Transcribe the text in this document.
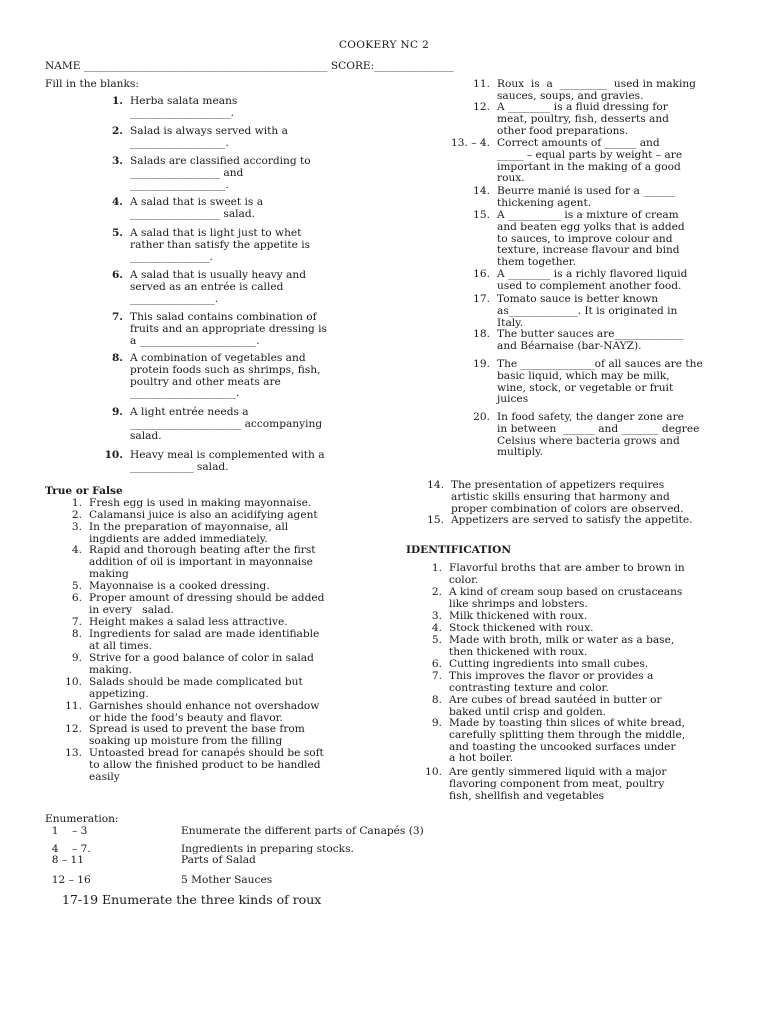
COOKERY NC 2
NAME ______________________________________________ SCORE:_______________
Fill in the blanks:
1. Herba salata means
___________________.
2. Salad is always served with a
__________________.
3. Salads are classified according to
_________________ and
__________________.
4. A salad that is sweet is a
_________________ salad.
5. A salad that is light just to whet
rather than satisfy the appetite is
_______________.
6. A salad that is usually heavy and
served as an entrée is called
________________.
7. This salad contains combination of
fruits and an appropriate dressing is
a ______________________.
8. A combination of vegetables and
protein foods such as shrimps, fish,
poultry and other meats are
____________________.
9. A light entrée needs a
_____________________ accompanying
salad.
10. Heavy meal is complemented with a
____________ salad.
11. Roux  is  a  _________  used in making
sauces, soups, and gravies.
12. A ________ is a fluid dressing for
meat, poultry, fish, desserts and
other food preparations.
13. – 4. Correct amounts of ______ and
_____ – equal parts by weight – are
important in the making of a good
roux.
14. Beurre manié is used for a ______
thickening agent.
15. A __________ is a mixture of cream
and beaten egg yolks that is added
to sauces, to improve colour and
texture, increase flavour and bind
them together.
16. A ________ is a richly flavored liquid
used to complement another food.
17. Tomato sauce is better known
as_____________. It is originated in
Italy.
18. The butter sauces are_____________
and Béarnaise (bar-NAYZ).
19. The ______________of all sauces are the
basic liquid, which may be milk,
wine, stock, or vegetable or fruit
juices
20. In food safety, the danger zone are
in between  ______ and _______ degree
Celsius where bacteria grows and
multiply.
True or False
1. Fresh egg is used in making mayonnaise.
2. Calamansi juice is also an acidifying agent
3. In the preparation of mayonnaise, all
ingdients are added immediately.
4. Rapid and thorough beating after the first
addition of oil is important in mayonnaise
making
5. Mayonnaise is a cooked dressing.
6. Proper amount of dressing should be added
in every   salad.
7. Height makes a salad less attractive.
8. Ingredients for salad are made identifiable
at all times.
9. Strive for a good balance of color in salad
making.
10. Salads should be made complicated but
appetizing.
11. Garnishes should enhance not overshadow
or hide the food’s beauty and flavor.
12. Spread is used to prevent the base from
soaking up moisture from the filling
13. Untoasted bread for canapés should be soft
to allow the finished product to be handled
easily
14. The presentation of appetizers requires
artistic skills ensuring that harmony and
proper combination of colors are observed.
15. Appetizers are served to satisfy the appetite.
IDENTIFICATION
1. Flavorful broths that are amber to brown in
color.
2. A kind of cream soup based on crustaceans
like shrimps and lobsters.
3. Milk thickened with roux.
4. Stock thickened with roux.
5. Made with broth, milk or water as a base,
then thickened with roux.
6. Cutting ingredients into small cubes.
7. This improves the flavor or provides a
contrasting texture and color.
8. Are cubes of bread sautéed in butter or
baked until crisp and golden.
9. Made by toasting thin slices of white bread,
carefully splitting them through the middle,
and toasting the uncooked surfaces under
a hot boiler.
10. Are gently simmered liquid with a major
flavoring component from meat, poultry
fish, shellfish and vegetables
Enumeration:
1    – 3	Enumerate the different parts of Canapés (3)
4    – 7.	Ingredients in preparing stocks.
8 – 11	Parts of Salad
12 – 16	5 Mother Sauces
17-19 Enumerate the three kinds of roux
